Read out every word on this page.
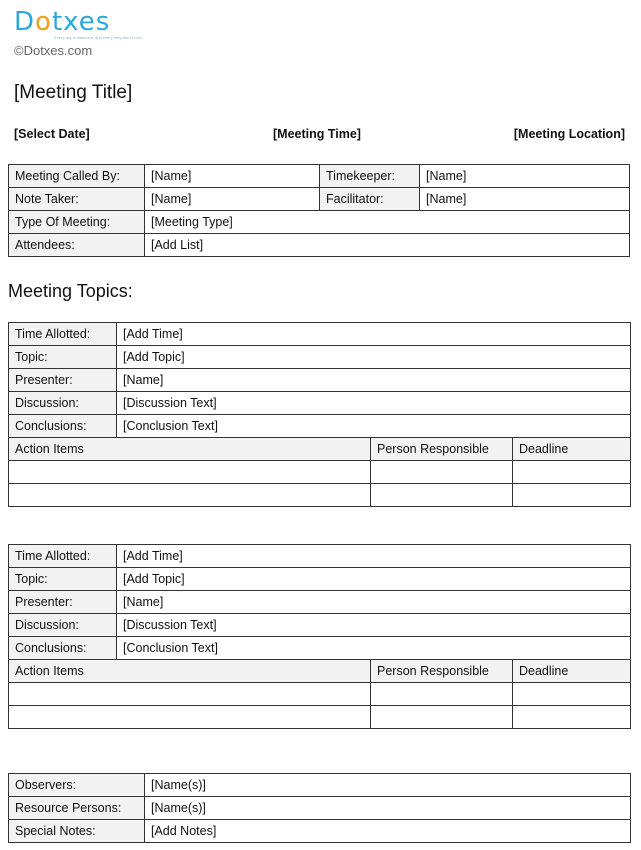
Dotxes
Every day is awesome and every template is cool
©Dotxes.com
[Meeting Title]
[Select Date]	[Meeting Time]	[Meeting Location]
Meeting Called By:	[Name]	Timekeeper:	[Name]
Note Taker:	[Name]	Facilitator:	[Name]
Type Of Meeting:	[Meeting Type]		
Attendees:	[Add List]		
Meeting Topics:
Time Allotted:	[Add Time]		
Topic:	[Add Topic]		
Presenter:	[Name]		
Discussion:	[Discussion Text]		
Conclusions:	[Conclusion Text]		
Action Items		Person Responsible	Deadline

Time Allotted:	[Add Time]		
Topic:	[Add Topic]		
Presenter:	[Name]		
Discussion:	[Discussion Text]		
Conclusions:	[Conclusion Text]		
Action Items		Person Responsible	Deadline

Observers:	[Name(s)]
Resource Persons:	[Name(s)]
Special Notes:	[Add Notes]
